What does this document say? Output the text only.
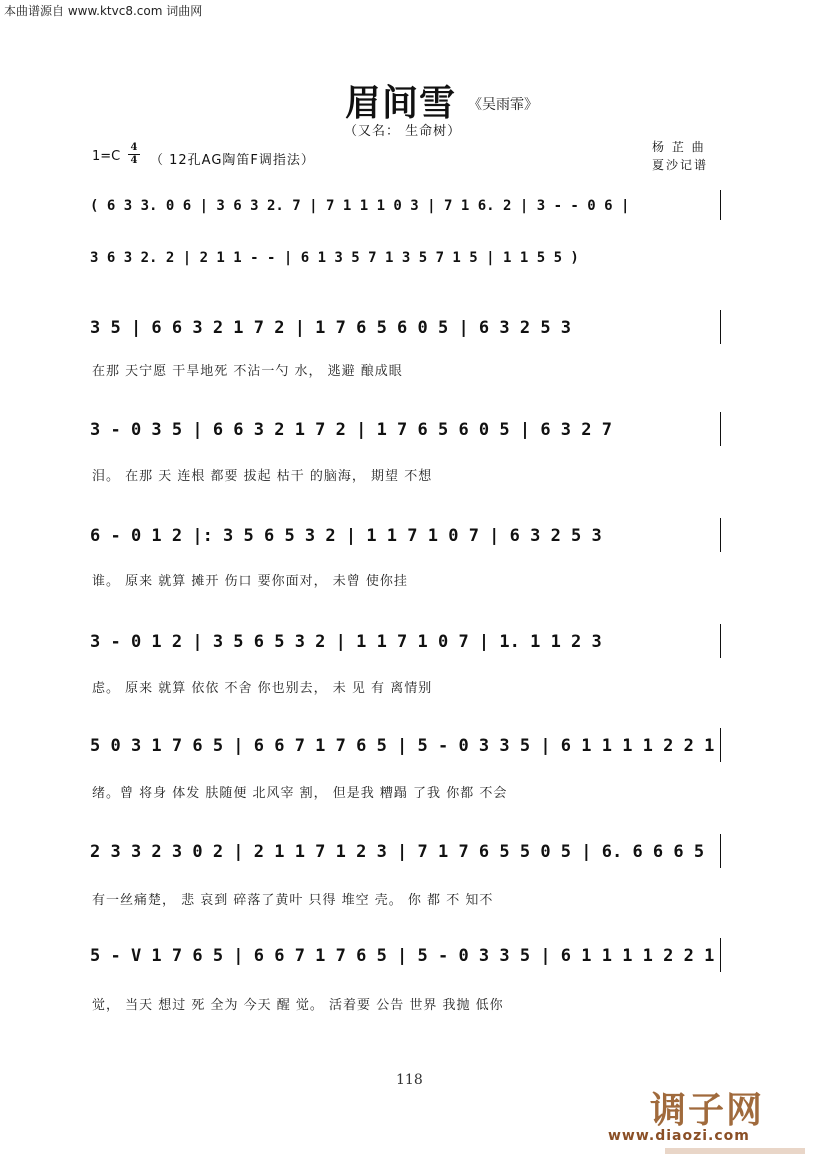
本曲谱源自 www.ktvc8.com 词曲网
眉间雪 《吴雨霏》
（又名： 生命树）
杨 芷 曲
夏沙记谱
1=C
4
4 （ 12孔AG陶笛F调指法）
( 6 3 3. 0 6 | 3 6 3 2. 7 | 7 1 1 1 0 3 | 7 1 6. 2 | 3 - - 0 6 |
3 6 3 2. 2 | 2 1 1 - - | 6 1 3 5 7 1 3 5 7 1 5 | 1 1 5 5 )
3 5 | 6 6 3 2 1 7 2 | 1 7 6 5 6 0 5 | 6 3 2 5 3
在那 天宁愿 干旱地死 不沾一勺 水， 逃避 酿成眼
3 - 0 3 5 | 6 6 3 2 1 7 2 | 1 7 6 5 6 0 5 | 6 3 2 7
泪。 在那 天 连根 都要 拔起 枯干 的脑海， 期望 不想
6 - 0 1 2 |: 3 5 6 5 3 2 | 1 1 7 1 0 7 | 6 3 2 5 3
谁。 原来 就算 摊开 伤口 要你面对， 未曾 使你挂
3 - 0 1 2 | 3 5 6 5 3 2 | 1 1 7 1 0 7 | 1. 1 1 2 3
虑。 原来 就算 依依 不舍 你也别去， 未 见 有 离情别
5 0 3 1 7 6 5 | 6 6 7 1 7 6 5 | 5 - 0 3 3 5 | 6 1 1 1 1 2 2 1
绪。曾 将身 体发 肤随便 北风宰 割， 但是我 糟蹋 了我 你都 不会
2 3 3 2 3 0 2 | 2 1 1 7 1 2 3 | 7 1 7 6 5 5 0 5 | 6. 6 6 6 5
有一丝痛楚， 悲 哀到 碎落了黄叶 只得 堆空 壳。 你 都 不 知不
5 - V 1 7 6 5 | 6 6 7 1 7 6 5 | 5 - 0 3 3 5 | 6 1 1 1 1 2 2 1
觉， 当天 想过 死 全为 今天 醒 觉。 活着要 公告 世界 我抛 低你
118
调子网
www.diaozi.com
